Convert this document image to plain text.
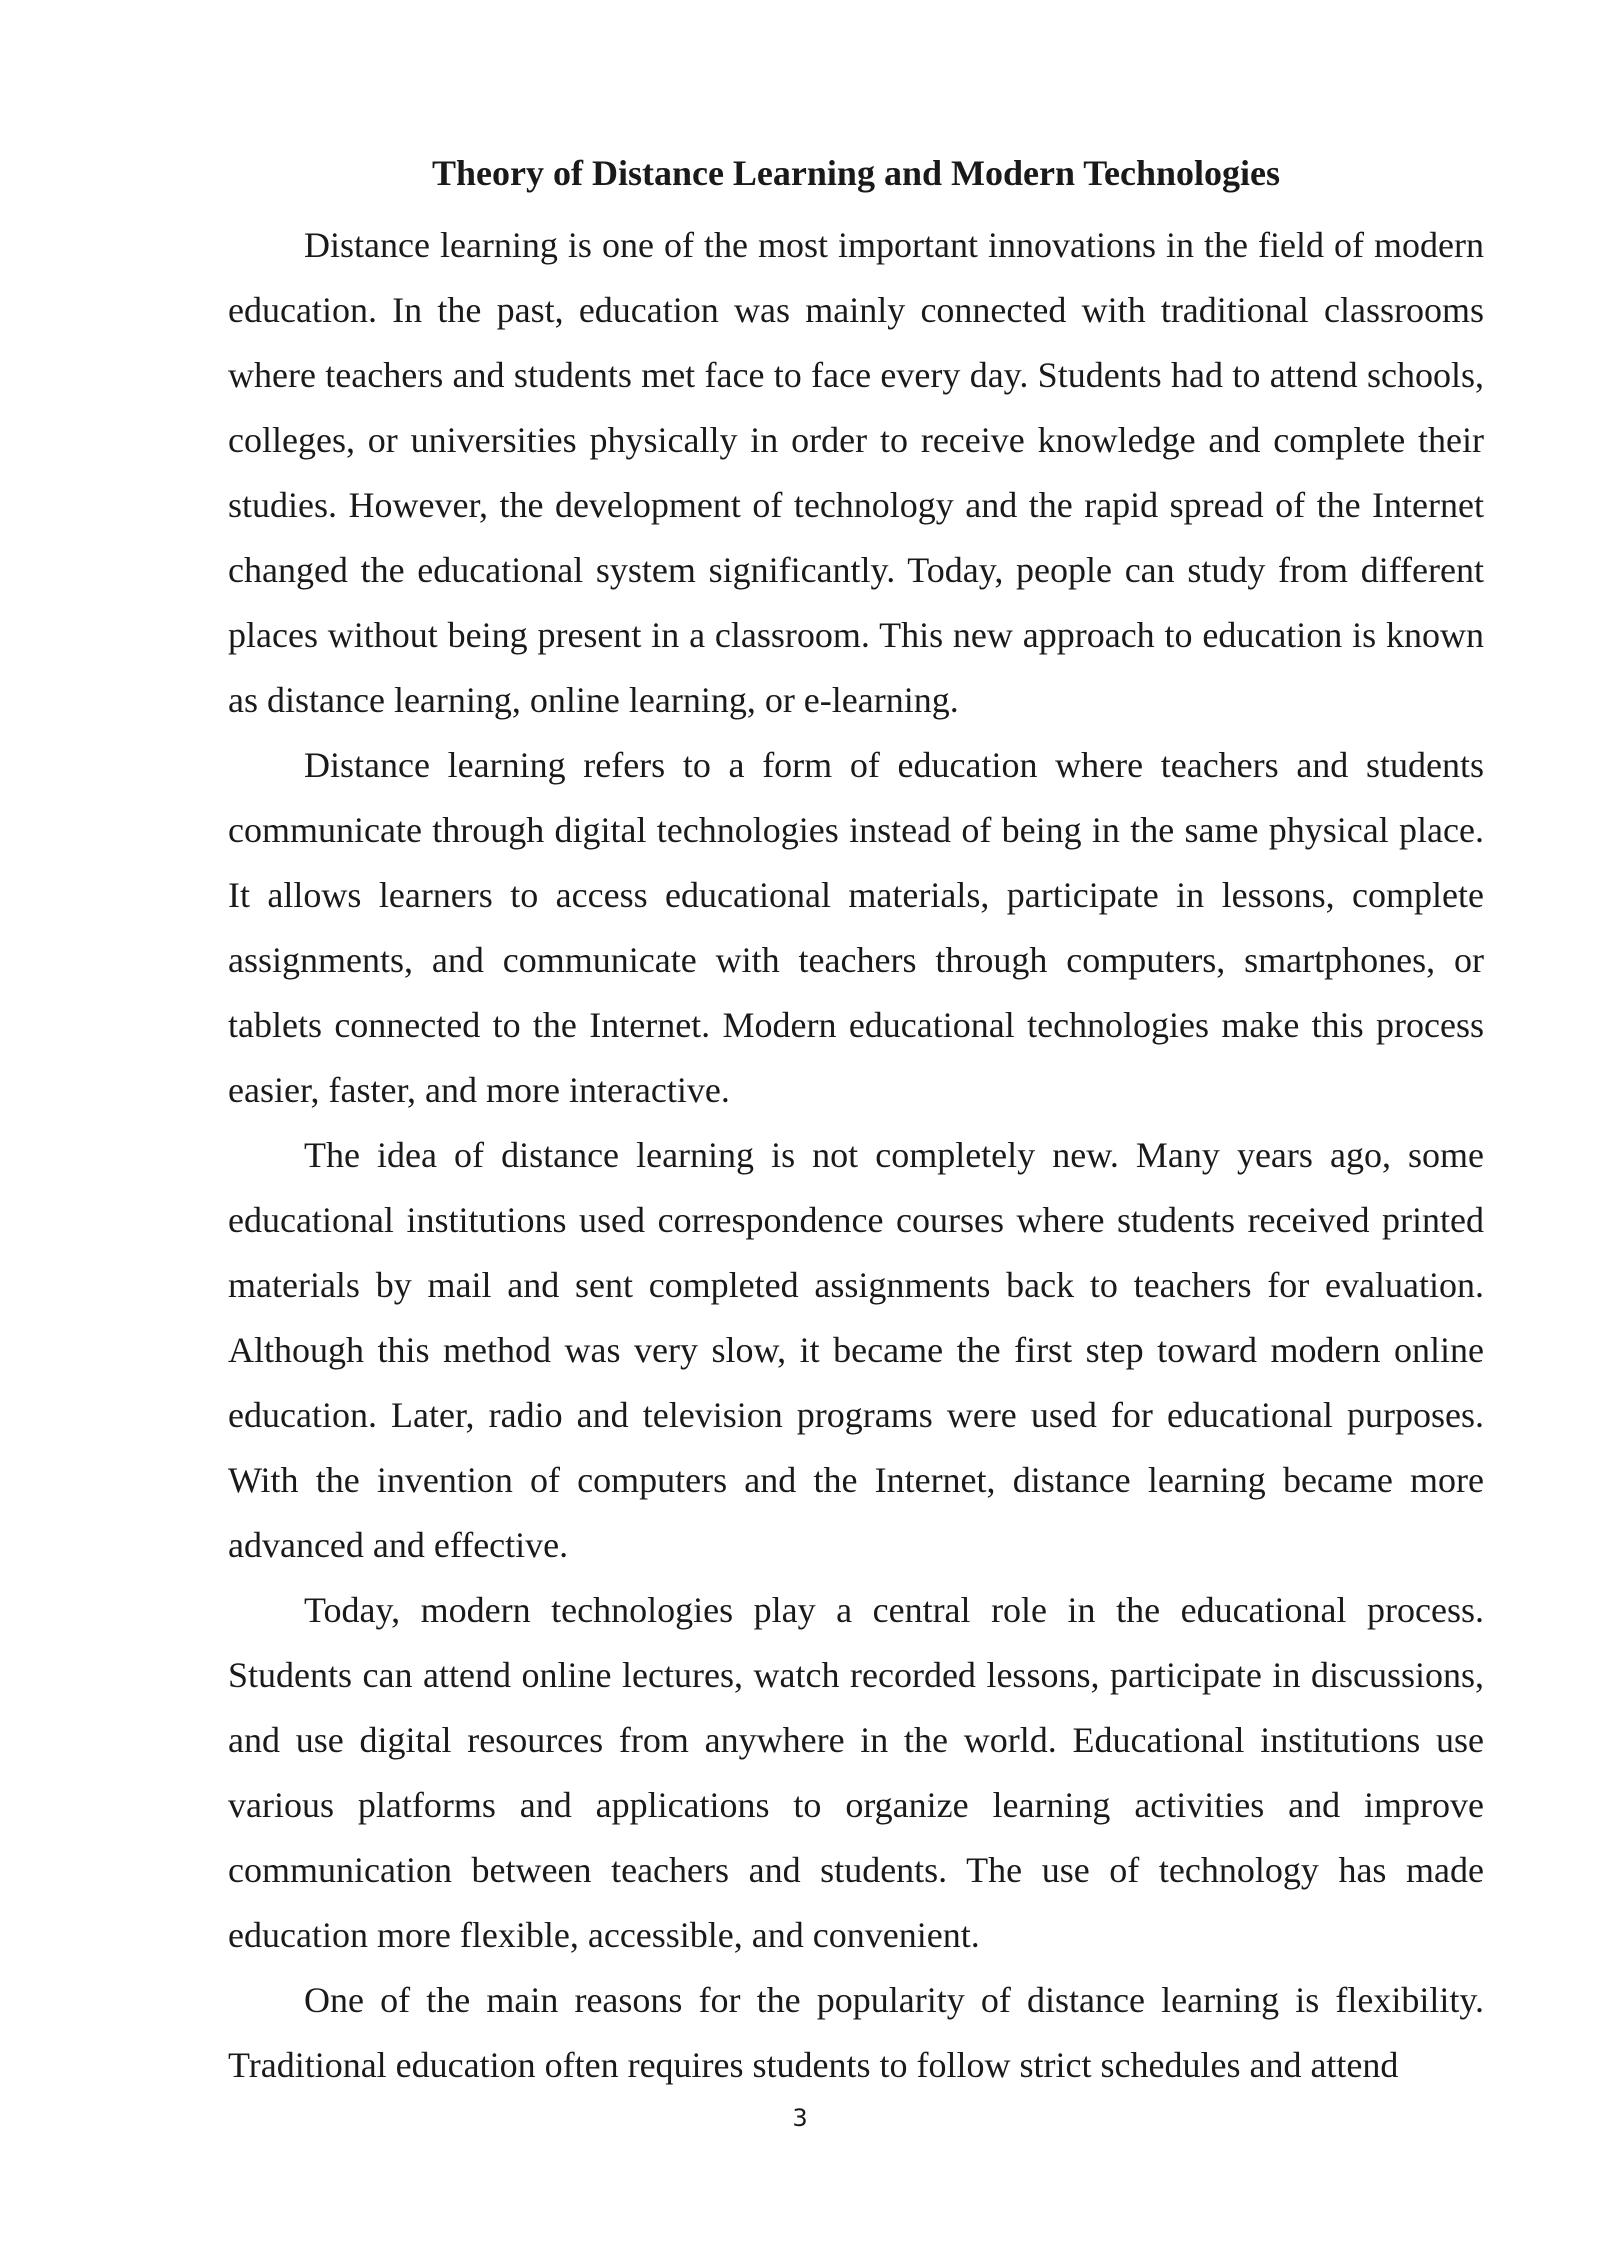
Theory of Distance Learning and Modern Technologies

Distance learning is one of the most important innovations in the field of modern education. In the past, education was mainly connected with traditional classrooms where teachers and students met face to face every day. Students had to attend schools, colleges, or universities physically in order to receive knowledge and complete their studies. However, the development of technology and the rapid spread of the Internet changed the educational system significantly. Today, people can study from different places without being present in a classroom. This new approach to education is known as distance learning, online learning, or e-learning.

Distance learning refers to a form of education where teachers and students communicate through digital technologies instead of being in the same physical place. It allows learners to access educational materials, participate in lessons, complete assignments, and communicate with teachers through computers, smartphones, or tablets connected to the Internet. Modern educational technologies make this process easier, faster, and more interactive.

The idea of distance learning is not completely new. Many years ago, some educational institutions used correspondence courses where students received printed materials by mail and sent completed assignments back to teachers for evaluation. Although this method was very slow, it became the first step toward modern online education. Later, radio and television programs were used for educational purposes. With the invention of computers and the Internet, distance learning became more advanced and effective.

Today, modern technologies play a central role in the educational process. Students can attend online lectures, watch recorded lessons, participate in discussions, and use digital resources from anywhere in the world. Educational institutions use various platforms and applications to organize learning activities and improve communication between teachers and students. The use of technology has made education more flexible, accessible, and convenient.

One of the main reasons for the popularity of distance learning is flexibility. Traditional education often requires students to follow strict schedules and attend

3
